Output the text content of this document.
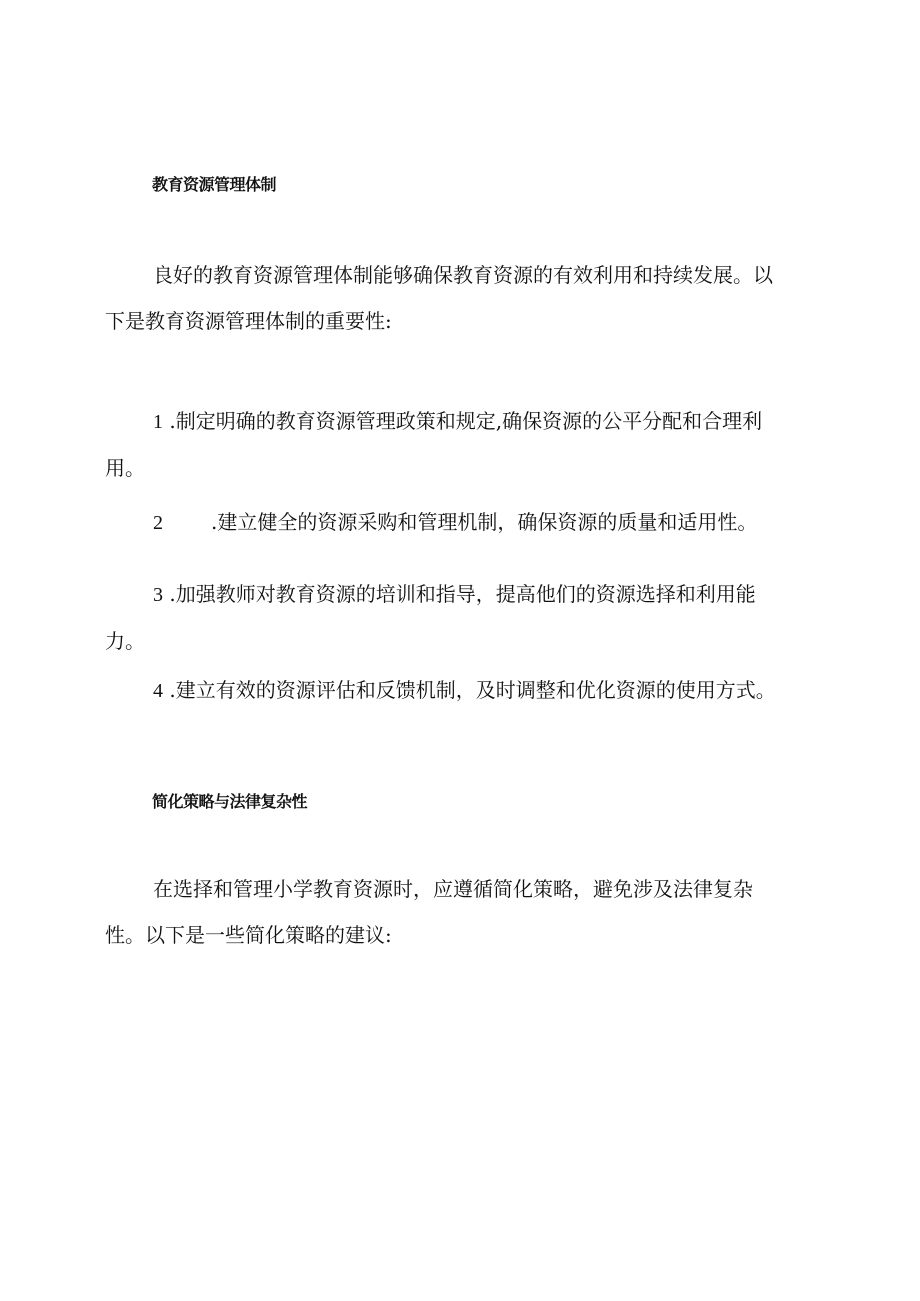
教育资源管理体制
良好的教育资源管理体制能够确保教育资源的有效利用和持续发展。以
下是教育资源管理体制的重要性:
1 .制定明确的教育资源管理政策和规定,确保资源的公平分配和合理利
用。
2 .建立健全的资源采购和管理机制，确保资源的质量和适用性。
3 .加强教师对教育资源的培训和指导，提高他们的资源选择和利用能
力。
4 .建立有效的资源评估和反馈机制，及时调整和优化资源的使用方式。
简化策略与法律复杂性
在选择和管理小学教育资源时，应遵循简化策略，避免涉及法律复杂
性。以下是一些简化策略的建议:
